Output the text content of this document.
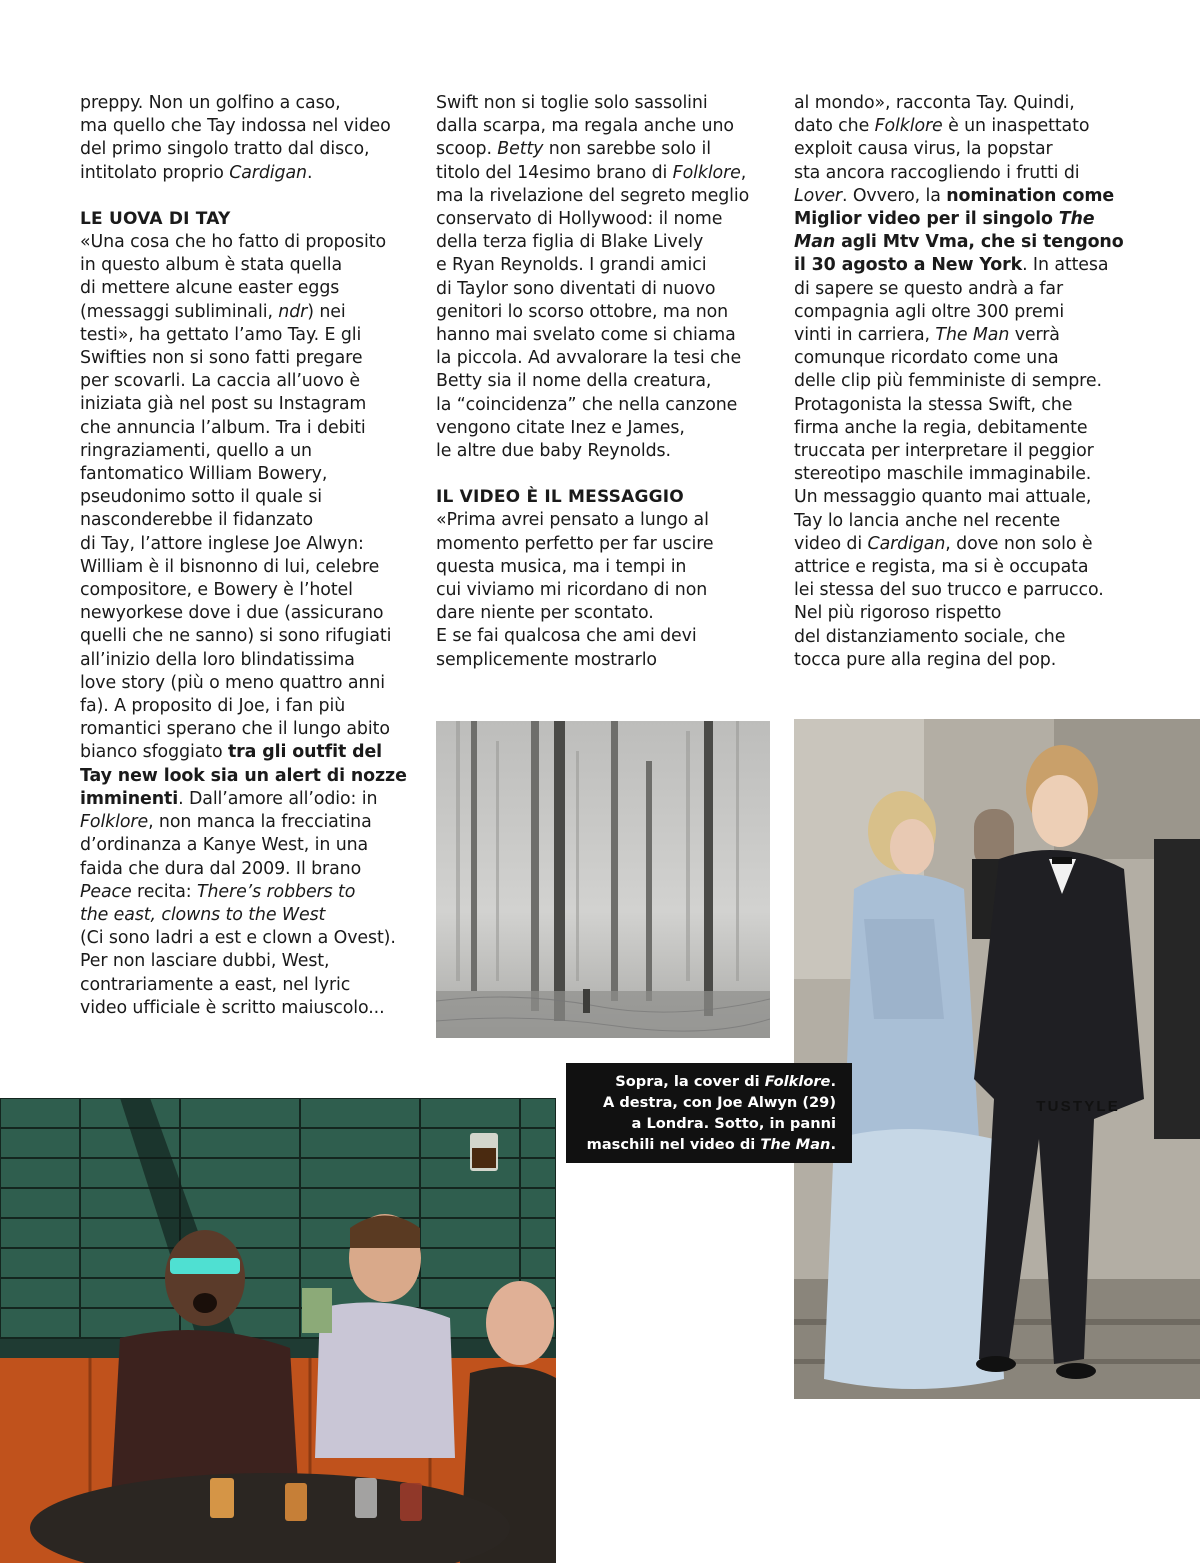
preppy. Non un golfino a caso,
ma quello che Tay indossa nel video
del primo singolo tratto dal disco,
intitolato proprio Cardigan.

LE UOVA DI TAY

«Una cosa che ho fatto di proposito
in questo album è stata quella
di mettere alcune easter eggs
(messaggi subliminali, ndr) nei
testi», ha gettato l’amo Tay. E gli
Swifties non si sono fatti pregare
per scovarli. La caccia all’uovo è
iniziata già nel post su Instagram
che annuncia l’album. Tra i debiti
ringraziamenti, quello a un
fantomatico William Bowery,
pseudonimo sotto il quale si
nasconderebbe il fidanzato
di Tay, l’attore inglese Joe Alwyn:
William è il bisnonno di lui, celebre
compositore, e Bowery è l’hotel
newyorkese dove i due (assicurano
quelli che ne sanno) si sono rifugiati
all’inizio della loro blindatissima
love story (più o meno quattro anni
fa). A proposito di Joe, i fan più
romantici sperano che il lungo abito
bianco sfoggiato tra gli outfit del
Tay new look sia un alert di nozze
imminenti. Dall’amore all’odio: in
Folklore, non manca la frecciatina
d’ordinanza a Kanye West, in una
faida che dura dal 2009. Il brano
Peace recita: There’s robbers to
the east, clowns to the West
(Ci sono ladri a est e clown a Ovest).
Per non lasciare dubbi, West,
contrariamente a east, nel lyric
video ufficiale è scritto maiuscolo...
Swift non si toglie solo sassolini
dalla scarpa, ma regala anche uno
scoop. Betty non sarebbe solo il
titolo del 14esimo brano di Folklore,
ma la rivelazione del segreto meglio
conservato di Hollywood: il nome
della terza figlia di Blake Lively
e Ryan Reynolds. I grandi amici
di Taylor sono diventati di nuovo
genitori lo scorso ottobre, ma non
hanno mai svelato come si chiama
la piccola. Ad avvalorare la tesi che
Betty sia il nome della creatura,
la “coincidenza” che nella canzone
vengono citate Inez e James,
le altre due baby Reynolds.

IL VIDEO È IL MESSAGGIO

«Prima avrei pensato a lungo al
momento perfetto per far uscire
questa musica, ma i tempi in
cui viviamo mi ricordano di non
dare niente per scontato.
E se fai qualcosa che ami devi
semplicemente mostrarlo
al mondo», racconta Tay. Quindi,
dato che Folklore è un inaspettato
exploit causa virus, la popstar
sta ancora raccogliendo i frutti di
Lover. Ovvero, la nomination come
Miglior video per il singolo The
Man agli Mtv Vma, che si tengono
il 30 agosto a New York. In attesa
di sapere se questo andrà a far
compagnia agli oltre 300 premi
vinti in carriera, The Man verrà
comunque ricordato come una
delle clip più femministe di sempre.
Protagonista la stessa Swift, che
firma anche la regia, debitamente
truccata per interpretare il peggior
stereotipo maschile immaginabile.
Un messaggio quanto mai attuale,
Tay lo lancia anche nel recente
video di Cardigan, dove non solo è
attrice e regista, ma si è occupata
lei stessa del suo trucco e parrucco.
Nel più rigoroso rispetto
del distanziamento sociale, che
tocca pure alla regina del pop.
Sopra, la cover di Folklore.
A destra, con Joe Alwyn (29)
a Londra. Sotto, in panni
maschili nel video di The Man.
TUSTYLE
